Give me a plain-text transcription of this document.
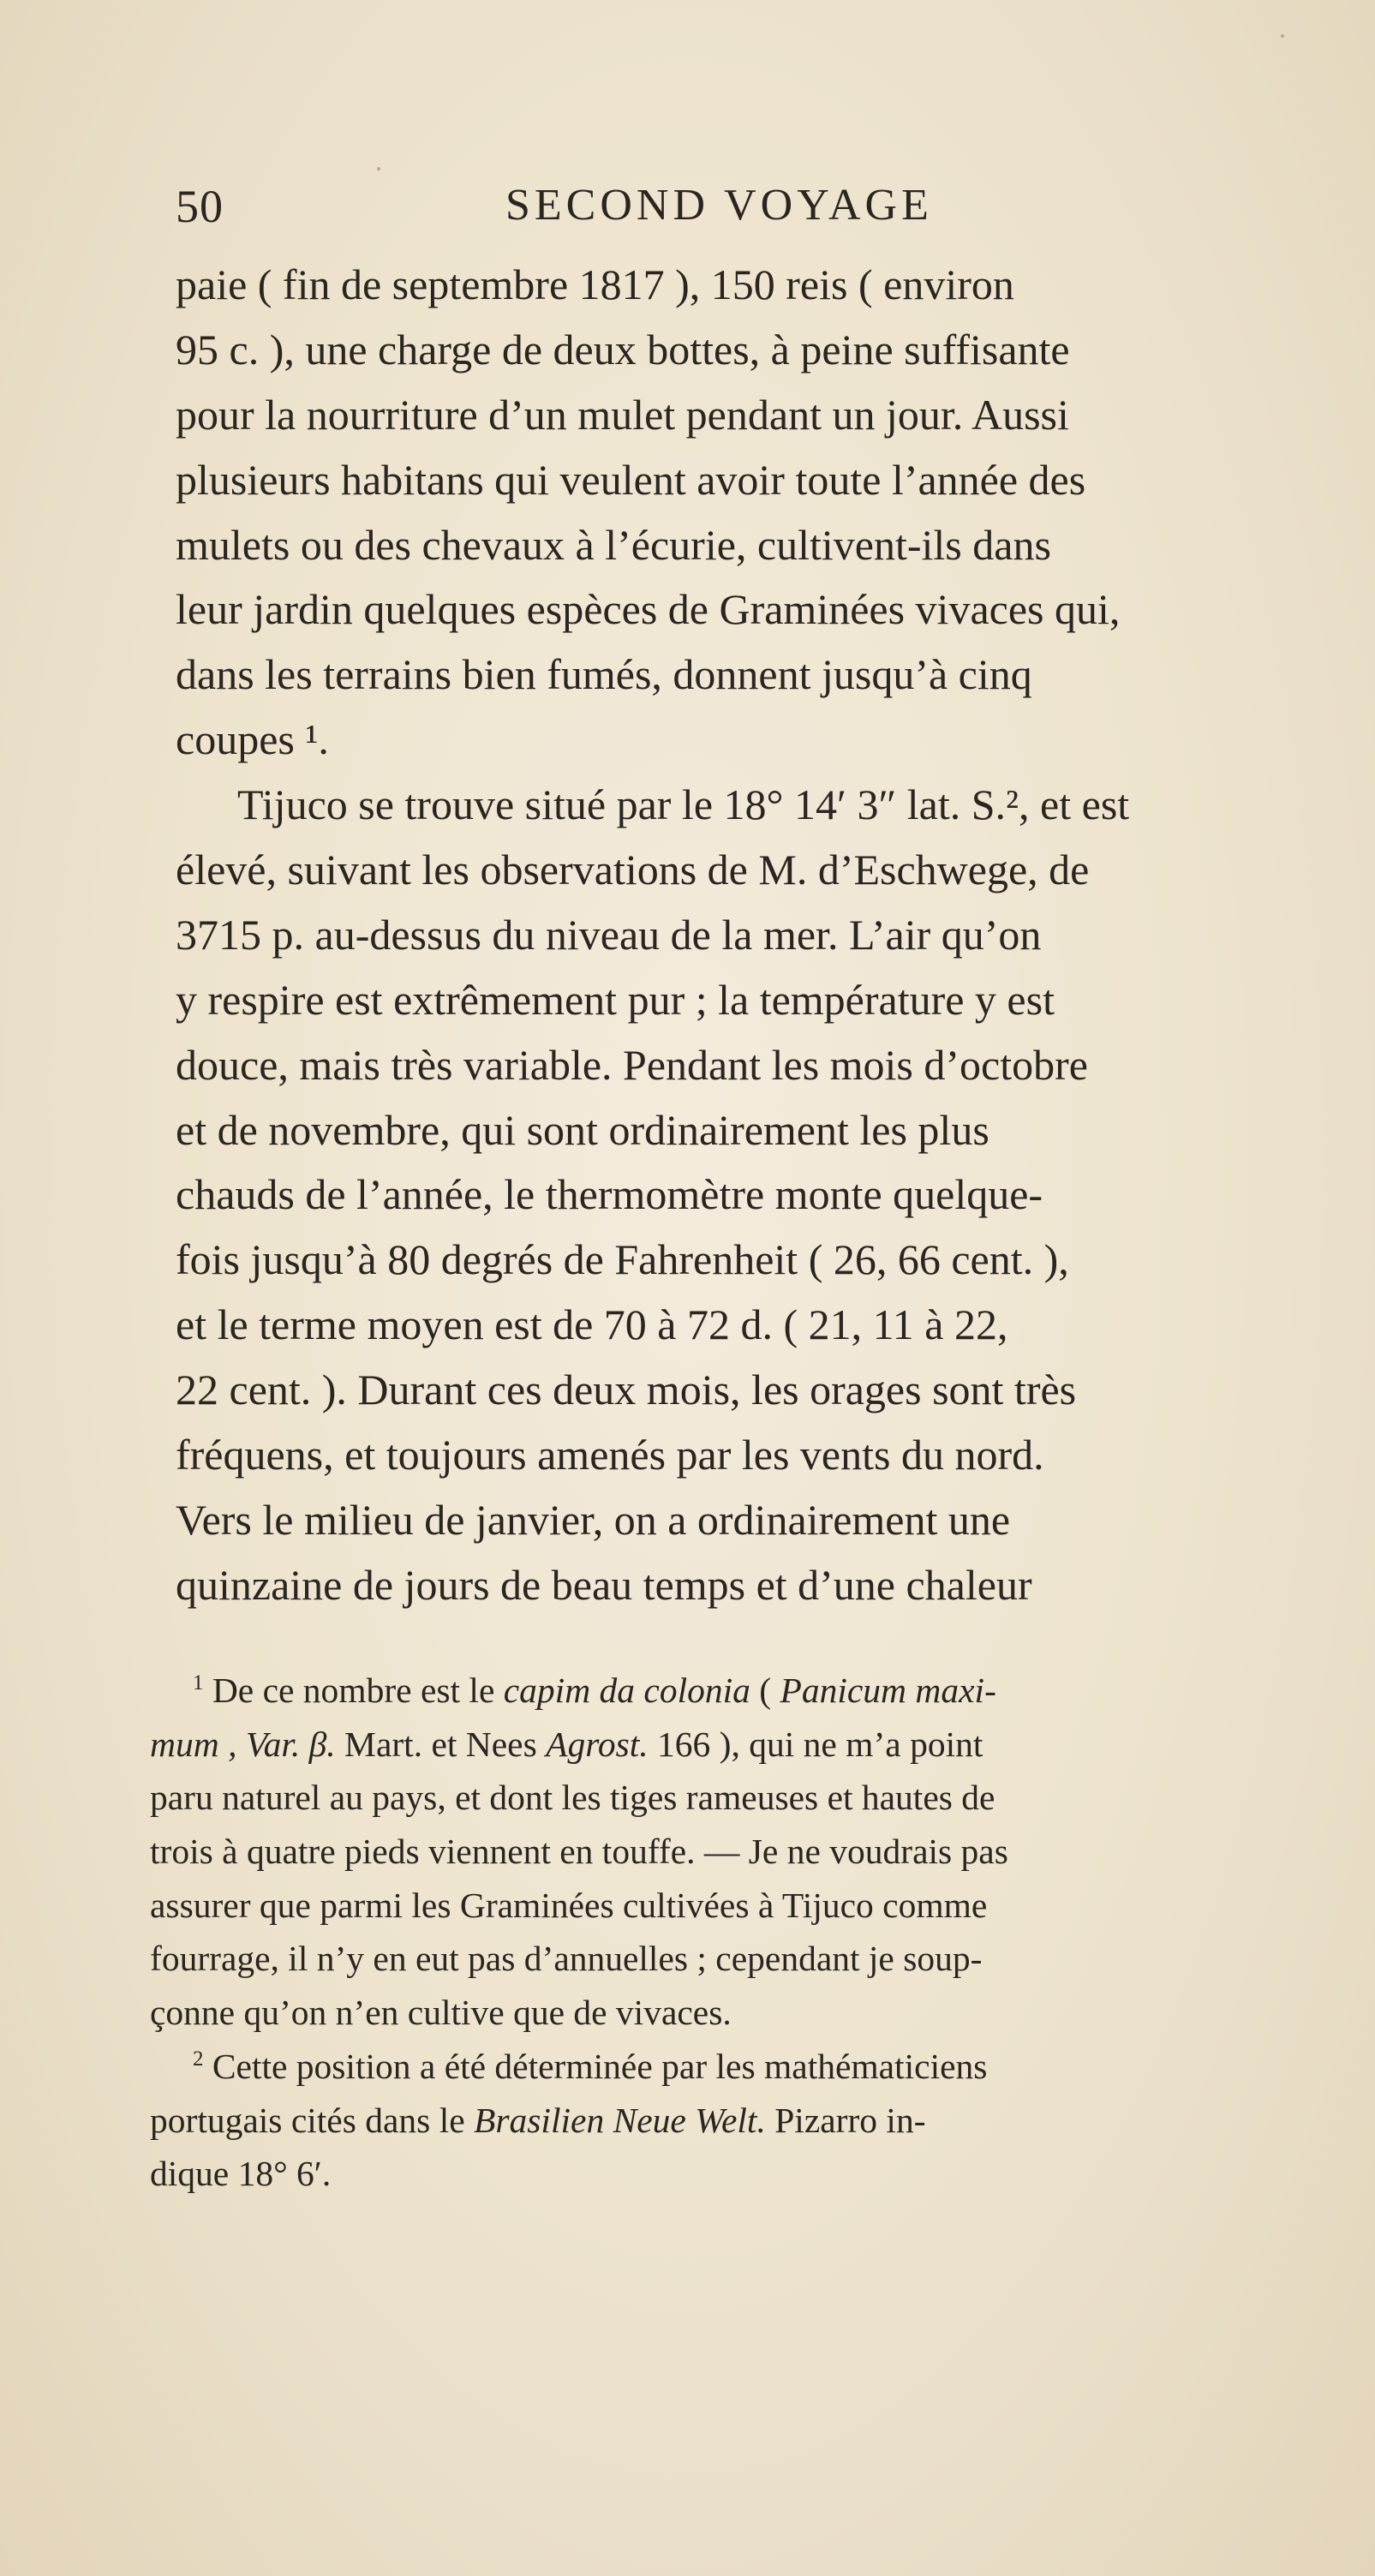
50	SECOND VOYAGE
paie ( fin de septembre 1817 ), 150 reis ( environ
95 c. ), une charge de deux bottes, à peine suffisante
pour la nourriture d’un mulet pendant un jour. Aussi
plusieurs habitans qui veulent avoir toute l’année des
mulets ou des chevaux à l’écurie, cultivent-ils dans
leur jardin quelques espèces de Graminées vivaces qui,
dans les terrains bien fumés, donnent jusqu’à cinq
coupes ¹.
Tijuco se trouve situé par le 18° 14′ 3″ lat. S.², et est
élevé, suivant les observations de M. d’Eschwege, de
3715 p. au-dessus du niveau de la mer. L’air qu’on
y respire est extrêmement pur ; la température y est
douce, mais très variable. Pendant les mois d’octobre
et de novembre, qui sont ordinairement les plus
chauds de l’année, le thermomètre monte quelque-
fois jusqu’à 80 degrés de Fahrenheit ( 26, 66 cent. ),
et le terme moyen est de 70 à 72 d. ( 21, 11 à 22,
22 cent. ). Durant ces deux mois, les orages sont très
fréquens, et toujours amenés par les vents du nord.
Vers le milieu de janvier, on a ordinairement une
quinzaine de jours de beau temps et d’une chaleur
$^1$ De ce nombre est le capim da colonia ( Panicum maxi-
mum , Var. β. Mart. et Nees Agrost. 166 ), qui ne m’a point
paru naturel au pays, et dont les tiges rameuses et hautes de
trois à quatre pieds viennent en touffe. — Je ne voudrais pas
assurer que parmi les Graminées cultivées à Tijuco comme
fourrage, il n’y en eut pas d’annuelles ; cependant je soup-
çonne qu’on n’en cultive que de vivaces.
$^2$ Cette position a été déterminée par les mathématiciens
portugais cités dans le Brasilien Neue Welt. Pizarro in-
dique 18° 6′.
